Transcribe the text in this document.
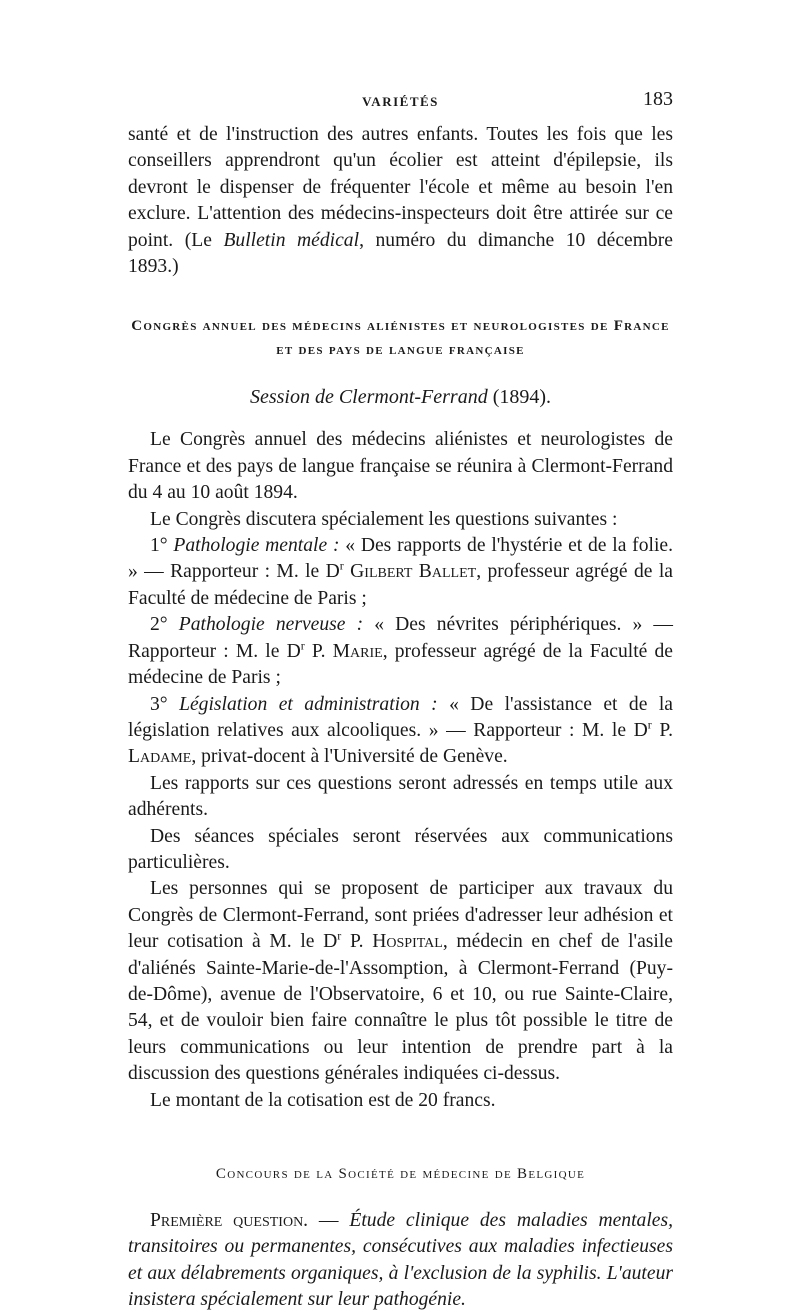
VARIÉTÉS	183

santé et de l'instruction des autres enfants. Toutes les fois que les conseillers apprendront qu'un écolier est atteint d'épilepsie, ils devront le dispenser de fréquenter l'école et même au besoin l'en exclure. L'attention des médecins-inspecteurs doit être attirée sur ce point. (Le Bulletin médical, numéro du dimanche 10 décembre 1893.)

Congrès annuel des médecins aliénistes et neurologistes de France et des pays de langue française
Session de Clermont-Ferrand (1894).

Le Congrès annuel des médecins aliénistes et neurologistes de France et des pays de langue française se réunira à Clermont-Ferrand du 4 au 10 août 1894.

Le Congrès discutera spécialement les questions suivantes :

1° Pathologie mentale : « Des rapports de l'hystérie et de la folie. » — Rapporteur : M. le $D^r$ Gilbert Ballet, professeur agrégé de la Faculté de médecine de Paris ;

2° Pathologie nerveuse : « Des névrites périphériques. » — Rapporteur : M. le $D^r$ P. Marie, professeur agrégé de la Faculté de médecine de Paris ;

3° Législation et administration : « De l'assistance et de la législation relatives aux alcooliques. » — Rapporteur : M. le $D^r$ P. Ladame, privat-docent à l'Université de Genève.

Les rapports sur ces questions seront adressés en temps utile aux adhérents.

Des séances spéciales seront réservées aux communications particulières.

Les personnes qui se proposent de participer aux travaux du Congrès de Clermont-Ferrand, sont priées d'adresser leur adhésion et leur cotisation à M. le $D^r$ P. Hospital, médecin en chef de l'asile d'aliénés Sainte-Marie-de-l'Assomption, à Clermont-Ferrand (Puy-de-Dôme), avenue de l'Observatoire, 6 et 10, ou rue Sainte-Claire, 54, et de vouloir bien faire connaître le plus tôt possible le titre de leurs communications ou leur intention de prendre part à la discussion des questions générales indiquées ci-dessus.

Le montant de la cotisation est de 20 francs.

Concours de la Société de médecine de Belgique

Première question. — Étude clinique des maladies mentales, transitoires ou permanentes, consécutives aux maladies infectieuses et aux délabrements organiques, à l'exclusion de la syphilis. L'auteur insistera spécialement sur leur pathogénie.
